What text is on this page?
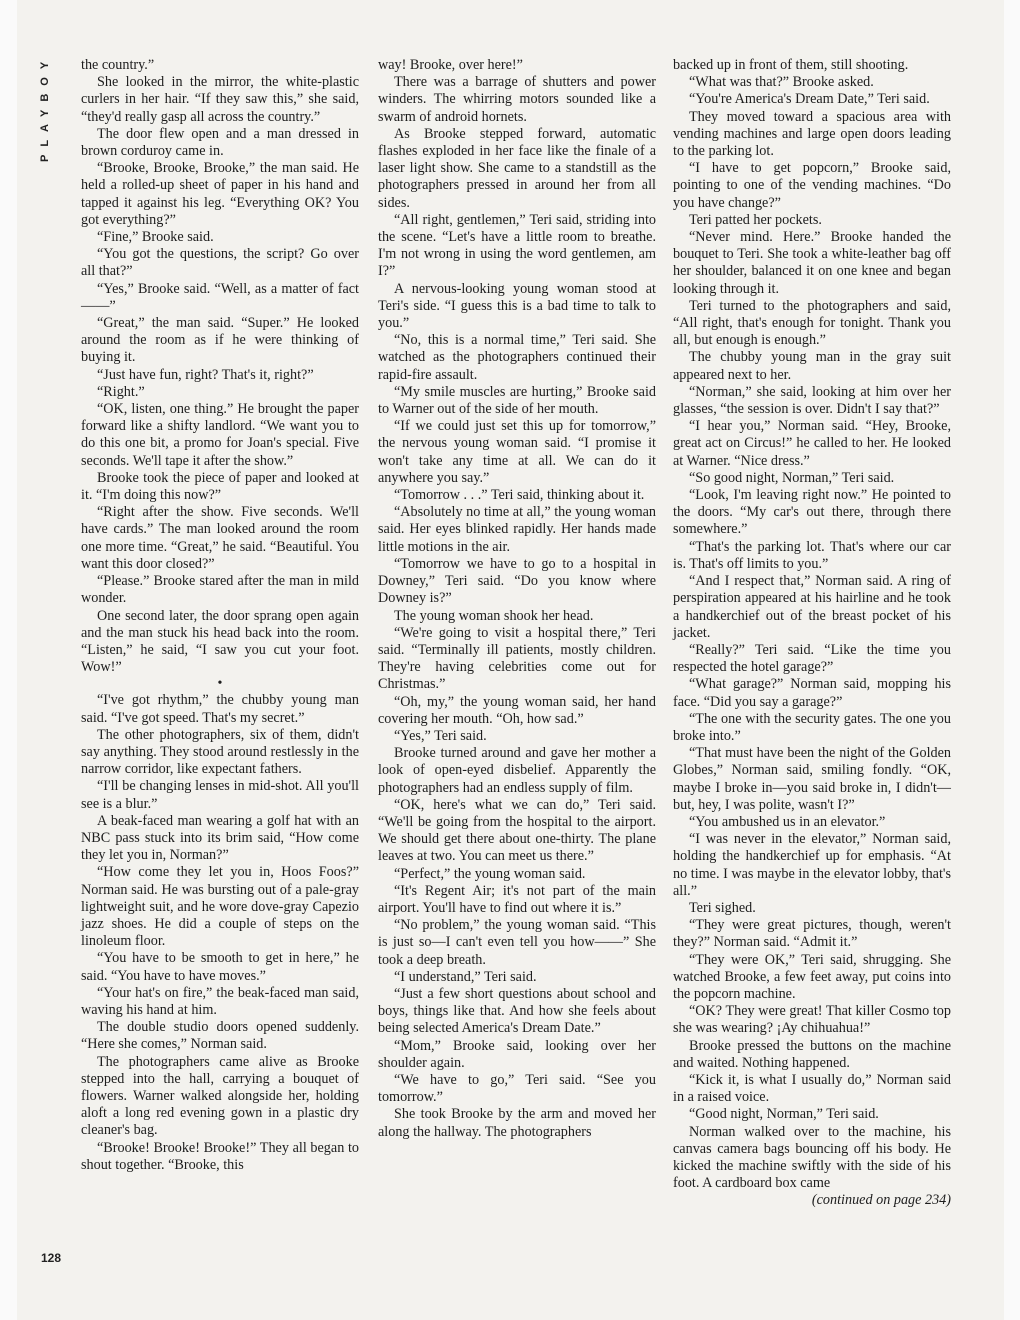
PLAYBOY	the country.”

She looked in the mirror, the white-plastic curlers in her hair. “If they saw this,” she said, “they'd really gasp all across the country.”

The door flew open and a man dressed in brown corduroy came in.

“Brooke, Brooke, Brooke,” the man said. He held a rolled-up sheet of paper in his hand and tapped it against his leg. “Everything OK? You got everything?”

“Fine,” Brooke said.

“You got the questions, the script? Go over all that?”

“Yes,” Brooke said. “Well, as a matter of fact——”

“Great,” the man said. “Super.” He looked around the room as if he were thinking of buying it.

“Just have fun, right? That's it, right?”

“Right.”

“OK, listen, one thing.” He brought the paper forward like a shifty landlord. “We want you to do this one bit, a promo for Joan's special. Five seconds. We'll tape it after the show.”

Brooke took the piece of paper and looked at it. “I'm doing this now?”

“Right after the show. Five seconds. We'll have cards.” The man looked around the room one more time. “Great,” he said. “Beautiful. You want this door closed?”

“Please.” Brooke stared after the man in mild wonder.

One second later, the door sprang open again and the man stuck his head back into the room. “Listen,” he said, “I saw you cut your foot. Wow!”

•

“I've got rhythm,” the chubby young man said. “I've got speed. That's my secret.”

The other photographers, six of them, didn't say anything. They stood around restlessly in the narrow corridor, like expectant fathers.

“I'll be changing lenses in mid-shot. All you'll see is a blur.”

A beak-faced man wearing a golf hat with an NBC pass stuck into its brim said, “How come they let you in, Norman?”

“How come they let you in, Hoos Foos?” Norman said. He was bursting out of a pale-gray lightweight suit, and he wore dove-gray Capezio jazz shoes. He did a couple of steps on the linoleum floor.

“You have to be smooth to get in here,” he said. “You have to have moves.”

“Your hat's on fire,” the beak-faced man said, waving his hand at him.

The double studio doors opened suddenly. “Here she comes,” Norman said.

The photographers came alive as Brooke stepped into the hall, carrying a bouquet of flowers. Warner walked alongside her, holding aloft a long red evening gown in a plastic dry cleaner's bag.

“Brooke! Brooke! Brooke!” They all began to shout together. “Brooke, this

way! Brooke, over here!”

There was a barrage of shutters and power winders. The whirring motors sounded like a swarm of android hornets.

As Brooke stepped forward, automatic flashes exploded in her face like the finale of a laser light show. She came to a standstill as the photographers pressed in around her from all sides.

“All right, gentlemen,” Teri said, striding into the scene. “Let's have a little room to breathe. I'm not wrong in using the word gentlemen, am I?”

A nervous-looking young woman stood at Teri's side. “I guess this is a bad time to talk to you.”

“No, this is a normal time,” Teri said. She watched as the photographers continued their rapid-fire assault.

“My smile muscles are hurting,” Brooke said to Warner out of the side of her mouth.

“If we could just set this up for tomorrow,” the nervous young woman said. “I promise it won't take any time at all. We can do it anywhere you say.”

“Tomorrow . . .” Teri said, thinking about it.

“Absolutely no time at all,” the young woman said. Her eyes blinked rapidly. Her hands made little motions in the air.

“Tomorrow we have to go to a hospital in Downey,” Teri said. “Do you know where Downey is?”

The young woman shook her head.

“We're going to visit a hospital there,” Teri said. “Terminally ill patients, mostly children. They're having celebrities come out for Christmas.”

“Oh, my,” the young woman said, her hand covering her mouth. “Oh, how sad.”

“Yes,” Teri said.

Brooke turned around and gave her mother a look of open-eyed disbelief. Apparently the photographers had an endless supply of film.

“OK, here's what we can do,” Teri said. “We'll be going from the hospital to the airport. We should get there about one-thirty. The plane leaves at two. You can meet us there.”

“Perfect,” the young woman said.

“It's Regent Air; it's not part of the main airport. You'll have to find out where it is.”

“No problem,” the young woman said. “This is just so—I can't even tell you how——” She took a deep breath.

“I understand,” Teri said.

“Just a few short questions about school and boys, things like that. And how she feels about being selected America's Dream Date.”

“Mom,” Brooke said, looking over her shoulder again.

“We have to go,” Teri said. “See you tomorrow.”

She took Brooke by the arm and moved her along the hallway. The photographers

backed up in front of them, still shooting.

“What was that?” Brooke asked.

“You're America's Dream Date,” Teri said.

They moved toward a spacious area with vending machines and large open doors leading to the parking lot.

“I have to get popcorn,” Brooke said, pointing to one of the vending machines. “Do you have change?”

Teri patted her pockets.

“Never mind. Here.” Brooke handed the bouquet to Teri. She took a white-leather bag off her shoulder, balanced it on one knee and began looking through it.

Teri turned to the photographers and said, “All right, that's enough for tonight. Thank you all, but enough is enough.”

The chubby young man in the gray suit appeared next to her.

“Norman,” she said, looking at him over her glasses, “the session is over. Didn't I say that?”

“I hear you,” Norman said. “Hey, Brooke, great act on Circus!” he called to her. He looked at Warner. “Nice dress.”

“So good night, Norman,” Teri said.

“Look, I'm leaving right now.” He pointed to the doors. “My car's out there, through there somewhere.”

“That's the parking lot. That's where our car is. That's off limits to you.”

“And I respect that,” Norman said. A ring of perspiration appeared at his hairline and he took a handkerchief out of the breast pocket of his jacket.

“Really?” Teri said. “Like the time you respected the hotel garage?”

“What garage?” Norman said, mopping his face. “Did you say a garage?”

“The one with the security gates. The one you broke into.”

“That must have been the night of the Golden Globes,” Norman said, smiling fondly. “OK, maybe I broke in—you said broke in, I didn't—but, hey, I was polite, wasn't I?”

“You ambushed us in an elevator.”

“I was never in the elevator,” Norman said, holding the handkerchief up for emphasis. “At no time. I was maybe in the elevator lobby, that's all.”

Teri sighed.

“They were great pictures, though, weren't they?” Norman said. “Admit it.”

“They were OK,” Teri said, shrugging. She watched Brooke, a few feet away, put coins into the popcorn machine.

“OK? They were great! That killer Cosmo top she was wearing? ¡Ay chihuahua!”

Brooke pressed the buttons on the machine and waited. Nothing happened.

“Kick it, is what I usually do,” Norman said in a raised voice.

“Good night, Norman,” Teri said.

Norman walked over to the machine, his canvas camera bags bouncing off his body. He kicked the machine swiftly with the side of his foot. A cardboard box came

(continued on page 234)

128
